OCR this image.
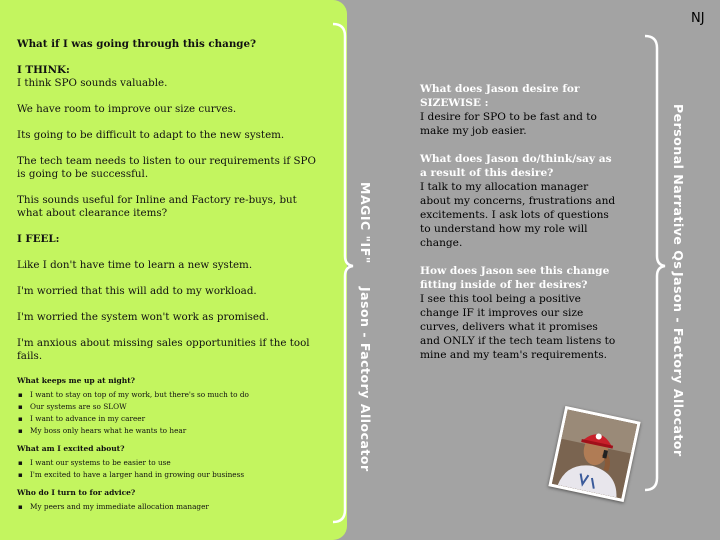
What if I was going through this change?

I THINK:

I think SPO sounds valuable.

We have room to improve our size curves.

Its going to be difficult to adapt to the new system.

The tech team needs to listen to our requirements if SPO is going to be successful.

This sounds useful for Inline and Factory re-buys, but what about clearance items?

I FEEL:

Like I don't have time to learn a new system.

I'm worried that this will add to my workload.

I'm worried the system won't work as promised.

I'm anxious about missing sales opportunities if the tool fails.

What keeps me up at night?
▪ I want to stay on top of my work, but there's so much to do
▪ Our systems are so SLOW
▪ I want to advance in my career
▪ My boss only hears what he wants to hear
What am I excited about?
▪ I want our systems to be easier to use
▪ I'm excited to have a larger hand in growing our business
Who do I turn to for advice?
▪ My peers and my immediate allocation manager
MAGIC "IF"
Jason - Factory Allocator
Personal Narrative Qs
Jason - Factory Allocator
NJ

What does Jason desire for SIZEWISE :

I desire for SPO to be fast and to make my job easier.

What does Jason do/think/say as a result of this desire?

I talk to my allocation manager about my concerns, frustrations and excitements. I ask lots of questions to understand how my role will change.

How does Jason see this change fitting inside of her desires?

I see this tool being a positive change IF it improves our size curves, delivers what it promises and ONLY if the tech team listens to mine and my team's requirements.
